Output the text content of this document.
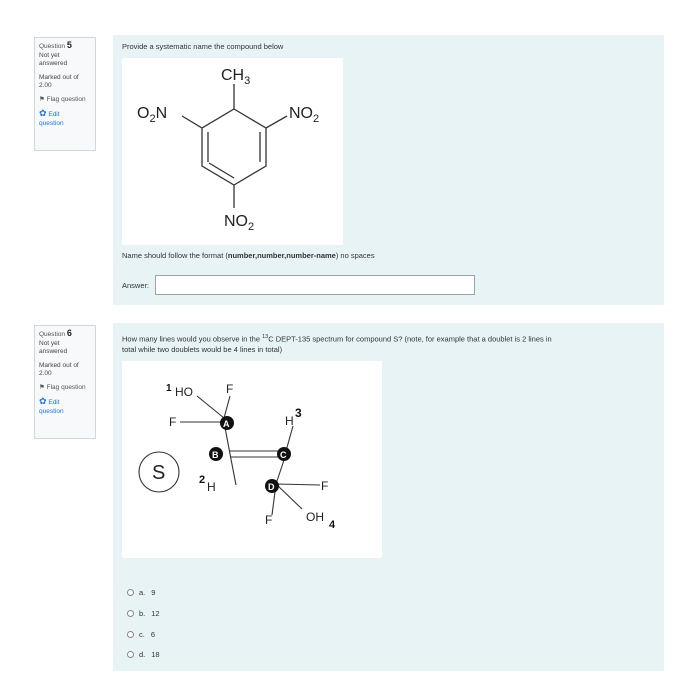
Question 5
Not yet
answered
Marked out of
2.00
⚑ Flag question
✿ Edit
question
Provide a systematic name the compound below
$CH_3$
$O_2N$	$NO_2$
$NO_2$
Name should follow the format (number,number,number-name) no spaces
Answer:
Question 6
Not yet
answered
Marked out of
2.00
⚑ Flag question
✿ Edit
question
How many lines would you observe in the $^{13}$C DEPT-135 spectrum for compound S? (note, for example that a doublet is 2 lines in
total while two doublets would be 4 lines in total)
S
1 HO	F
F	A
B	C
D
H
3
2 H	F
F	OH
4
a. 9
b. 12
c. 6
d. 18
